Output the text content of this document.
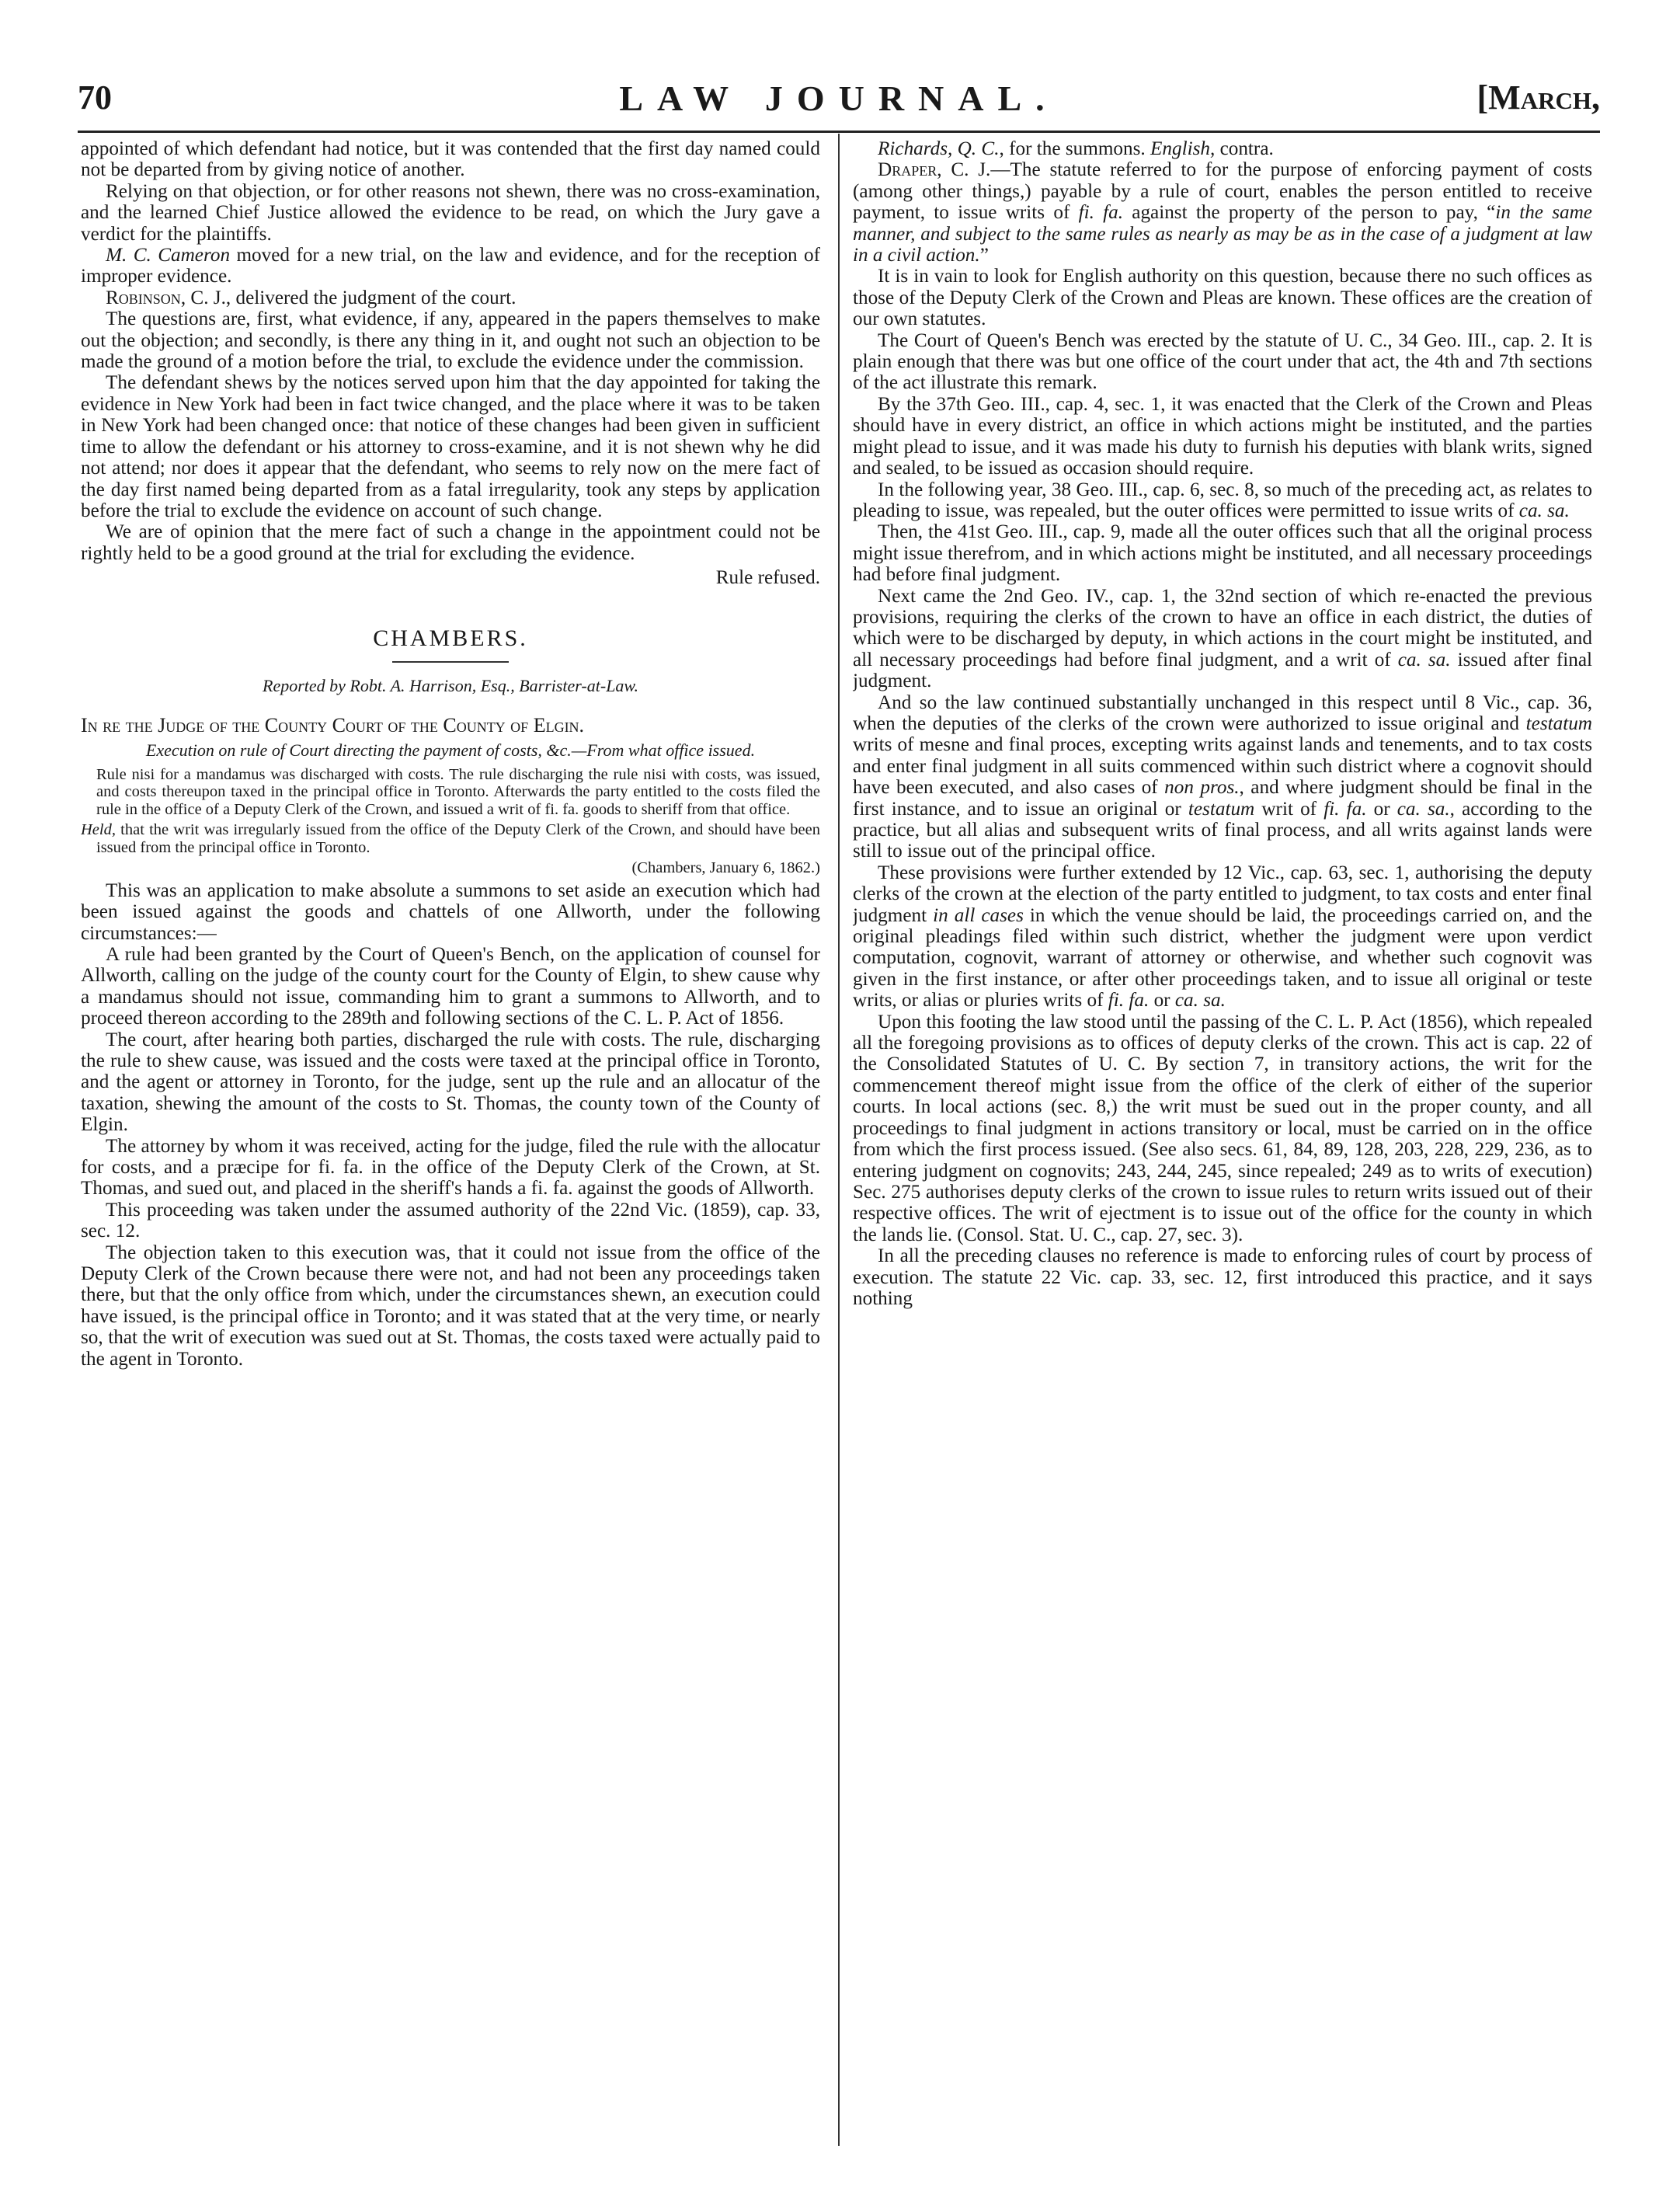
70	LAW JOURNAL.	[March,

appointed of which defendant had notice, but it was contended that the first day named could not be departed from by giving notice of another.

Relying on that objection, or for other reasons not shewn, there was no cross-examination, and the learned Chief Justice allowed the evidence to be read, on which the Jury gave a verdict for the plaintiffs.

M. C. Cameron moved for a new trial, on the law and evidence, and for the reception of improper evidence.

Robinson, C. J., delivered the judgment of the court.

The questions are, first, what evidence, if any, appeared in the papers themselves to make out the objection; and secondly, is there any thing in it, and ought not such an objection to be made the ground of a motion before the trial, to exclude the evidence under the commission.

The defendant shews by the notices served upon him that the day appointed for taking the evidence in New York had been in fact twice changed, and the place where it was to be taken in New York had been changed once: that notice of these changes had been given in sufficient time to allow the defendant or his attorney to cross-examine, and it is not shewn why he did not attend; nor does it appear that the defendant, who seems to rely now on the mere fact of the day first named being departed from as a fatal irregularity, took any steps by application before the trial to exclude the evidence on account of such change.

We are of opinion that the mere fact of such a change in the appointment could not be rightly held to be a good ground at the trial for excluding the evidence.

Rule refused.
CHAMBERS.
Reported by Robt. A. Harrison, Esq., Barrister-at-Law.

In re the Judge of the County Court of the County of Elgin.

Execution on rule of Court directing the payment of costs, &c.—From what office issued.

Rule nisi for a mandamus was discharged with costs. The rule discharging the rule nisi with costs, was issued, and costs thereupon taxed in the principal office in Toronto. Afterwards the party entitled to the costs filed the rule in the office of a Deputy Clerk of the Crown, and issued a writ of fi. fa. goods to sheriff from that office.

Held, that the writ was irregularly issued from the office of the Deputy Clerk of the Crown, and should have been issued from the principal office in Toronto.

(Chambers, January 6, 1862.)

This was an application to make absolute a summons to set aside an execution which had been issued against the goods and chattels of one Allworth, under the following circumstances:—

A rule had been granted by the Court of Queen's Bench, on the application of counsel for Allworth, calling on the judge of the county court for the County of Elgin, to shew cause why a mandamus should not issue, commanding him to grant a summons to Allworth, and to proceed thereon according to the 289th and following sections of the C. L. P. Act of 1856.

The court, after hearing both parties, discharged the rule with costs. The rule, discharging the rule to shew cause, was issued and the costs were taxed at the principal office in Toronto, and the agent or attorney in Toronto, for the judge, sent up the rule and an allocatur of the taxation, shewing the amount of the costs to St. Thomas, the county town of the County of Elgin.

The attorney by whom it was received, acting for the judge, filed the rule with the allocatur for costs, and a præcipe for fi. fa. in the office of the Deputy Clerk of the Crown, at St. Thomas, and sued out, and placed in the sheriff's hands a fi. fa. against the goods of Allworth.

This proceeding was taken under the assumed authority of the 22nd Vic. (1859), cap. 33, sec. 12.

The objection taken to this execution was, that it could not issue from the office of the Deputy Clerk of the Crown because there were not, and had not been any proceedings taken there, but that the only office from which, under the circumstances shewn, an execution could have issued, is the principal office in Toronto; and it was stated that at the very time, or nearly so, that the writ of execution was sued out at St. Thomas, the costs taxed were actually paid to the agent in Toronto.

Richards, Q. C., for the summons. English, contra.

Draper, C. J.—The statute referred to for the purpose of enforcing payment of costs (among other things,) payable by a rule of court, enables the person entitled to receive payment, to issue writs of fi. fa. against the property of the person to pay, “in the same manner, and subject to the same rules as nearly as may be as in the case of a judgment at law in a civil action.”

It is in vain to look for English authority on this question, because there no such offices as those of the Deputy Clerk of the Crown and Pleas are known. These offices are the creation of our own statutes.

The Court of Queen's Bench was erected by the statute of U. C., 34 Geo. III., cap. 2. It is plain enough that there was but one office of the court under that act, the 4th and 7th sections of the act illustrate this remark.

By the 37th Geo. III., cap. 4, sec. 1, it was enacted that the Clerk of the Crown and Pleas should have in every district, an office in which actions might be instituted, and the parties might plead to issue, and it was made his duty to furnish his deputies with blank writs, signed and sealed, to be issued as occasion should require.

In the following year, 38 Geo. III., cap. 6, sec. 8, so much of the preceding act, as relates to pleading to issue, was repealed, but the outer offices were permitted to issue writs of ca. sa.

Then, the 41st Geo. III., cap. 9, made all the outer offices such that all the original process might issue therefrom, and in which actions might be instituted, and all necessary proceedings had before final judgment.

Next came the 2nd Geo. IV., cap. 1, the 32nd section of which re-enacted the previous provisions, requiring the clerks of the crown to have an office in each district, the duties of which were to be discharged by deputy, in which actions in the court might be instituted, and all necessary proceedings had before final judgment, and a writ of ca. sa. issued after final judgment.

And so the law continued substantially unchanged in this respect until 8 Vic., cap. 36, when the deputies of the clerks of the crown were authorized to issue original and testatum writs of mesne and final proces, excepting writs against lands and tenements, and to tax costs and enter final judgment in all suits commenced within such district where a cognovit should have been executed, and also cases of non pros., and where judgment should be final in the first instance, and to issue an original or testatum writ of fi. fa. or ca. sa., according to the practice, but all alias and subsequent writs of final process, and all writs against lands were still to issue out of the principal office.

These provisions were further extended by 12 Vic., cap. 63, sec. 1, authorising the deputy clerks of the crown at the election of the party entitled to judgment, to tax costs and enter final judgment in all cases in which the venue should be laid, the proceedings carried on, and the original pleadings filed within such district, whether the judgment were upon verdict computation, cognovit, warrant of attorney or otherwise, and whether such cognovit was given in the first instance, or after other proceedings taken, and to issue all original or teste writs, or alias or pluries writs of fi. fa. or ca. sa.

Upon this footing the law stood until the passing of the C. L. P. Act (1856), which repealed all the foregoing provisions as to offices of deputy clerks of the crown. This act is cap. 22 of the Consolidated Statutes of U. C. By section 7, in transitory actions, the writ for the commencement thereof might issue from the office of the clerk of either of the superior courts. In local actions (sec. 8,) the writ must be sued out in the proper county, and all proceedings to final judgment in actions transitory or local, must be carried on in the office from which the first process issued. (See also secs. 61, 84, 89, 128, 203, 228, 229, 236, as to entering judgment on cognovits; 243, 244, 245, since repealed; 249 as to writs of execution) Sec. 275 authorises deputy clerks of the crown to issue rules to return writs issued out of their respective offices. The writ of ejectment is to issue out of the office for the county in which the lands lie. (Consol. Stat. U. C., cap. 27, sec. 3).

In all the preceding clauses no reference is made to enforcing rules of court by process of execution. The statute 22 Vic. cap. 33, sec. 12, first introduced this practice, and it says nothing
